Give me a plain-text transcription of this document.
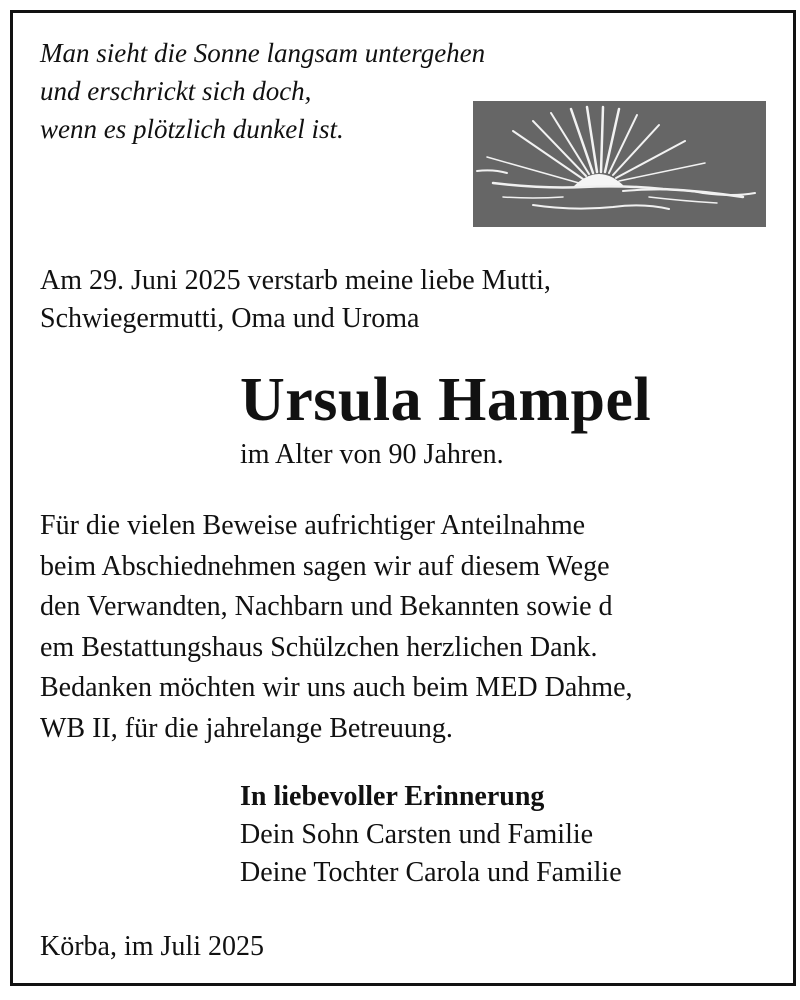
Man sieht die Sonne langsam untergehen
und erschrickt sich doch,
wenn es plötzlich dunkel ist.
Am 29. Juni 2025 verstarb meine liebe Mutti,
Schwiegermutti, Oma und Uroma
Ursula Hampel
im Alter von 90 Jahren.
Für die vielen Beweise aufrichtiger Anteilnahme
beim Abschiednehmen sagen wir auf diesem Wege
den Verwandten, Nachbarn und Bekannten sowie d
em Bestattungshaus Schülzchen herzlichen Dank.
Bedanken möchten wir uns auch beim MED Dahme,
WB II, für die jahrelange Betreuung.
In liebevoller Erinnerung
Dein Sohn Carsten und Familie
Deine Tochter Carola und Familie
Körba, im Juli 2025
